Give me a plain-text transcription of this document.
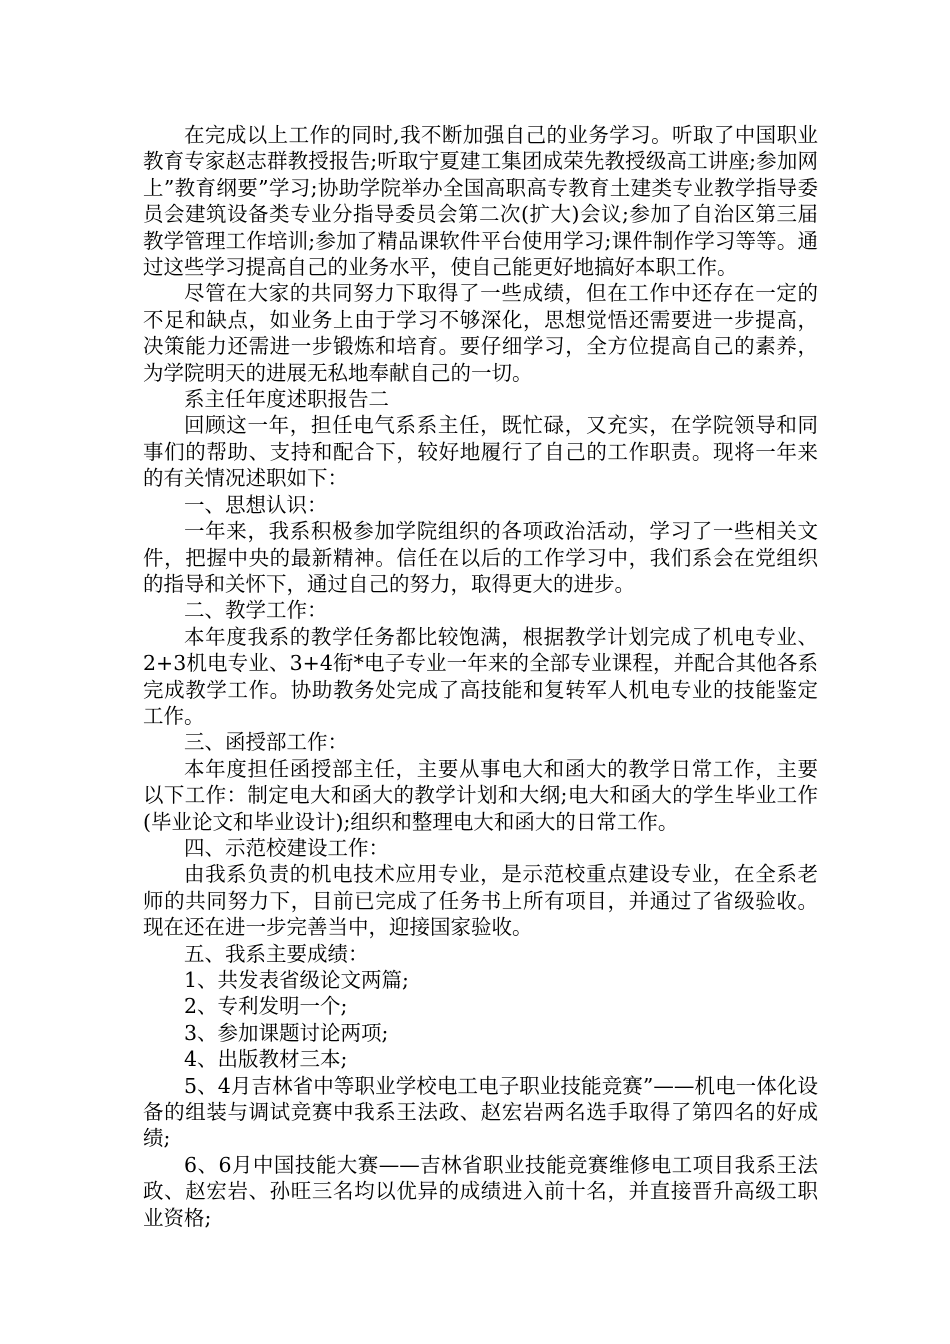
在完成以上工作的同时,我不断加强自己的业务学习。听取了中国职业教育专家赵志群教授报告;听取宁夏建工集团成荣先教授级高工讲座;参加网上”教育纲要”学习;协助学院举办全国高职高专教育土建类专业教学指导委员会建筑设备类专业分指导委员会第二次(扩大)会议;参加了自治区第三届教学管理工作培训;参加了精品课软件平台使用学习;课件制作学习等等。通过这些学习提高自己的业务水平，使自己能更好地搞好本职工作。

尽管在大家的共同努力下取得了一些成绩，但在工作中还存在一定的不足和缺点，如业务上由于学习不够深化，思想觉悟还需要进一步提高，决策能力还需进一步锻炼和培育。要仔细学习，全方位提高自己的素养，为学院明天的进展无私地奉献自己的一切。

系主任年度述职报告二

回顾这一年，担任电气系系主任，既忙碌，又充实，在学院领导和同事们的帮助、支持和配合下，较好地履行了自己的工作职责。现将一年来的有关情况述职如下：

一、思想认识：

一年来，我系积极参加学院组织的各项政治活动，学习了一些相关文件，把握中央的最新精神。信任在以后的工作学习中，我们系会在党组织的指导和关怀下，通过自己的努力，取得更大的进步。

二、教学工作：

本年度我系的教学任务都比较饱满，根据教学计划完成了机电专业、2+3机电专业、3+4衔*电子专业一年来的全部专业课程，并配合其他各系完成教学工作。协助教务处完成了高技能和复转军人机电专业的技能鉴定工作。

三、函授部工作：

本年度担任函授部主任，主要从事电大和函大的教学日常工作，主要以下工作：制定电大和函大的教学计划和大纲;电大和函大的学生毕业工作(毕业论文和毕业设计);组织和整理电大和函大的日常工作。

四、示范校建设工作：

由我系负责的机电技术应用专业，是示范校重点建设专业，在全系老师的共同努力下，目前已完成了任务书上所有项目，并通过了省级验收。现在还在进一步完善当中，迎接国家验收。

五、我系主要成绩：

1、共发表省级论文两篇;

2、专利发明一个;

3、参加课题讨论两项;

4、出版教材三本;

5、4月吉林省中等职业学校电工电子职业技能竞赛”——机电一体化设备的组装与调试竞赛中我系王法政、赵宏岩两名选手取得了第四名的好成绩;

6、6月中国技能大赛——吉林省职业技能竞赛维修电工项目我系王法政、赵宏岩、孙旺三名均以优异的成绩进入前十名，并直接晋升高级工职业资格;
